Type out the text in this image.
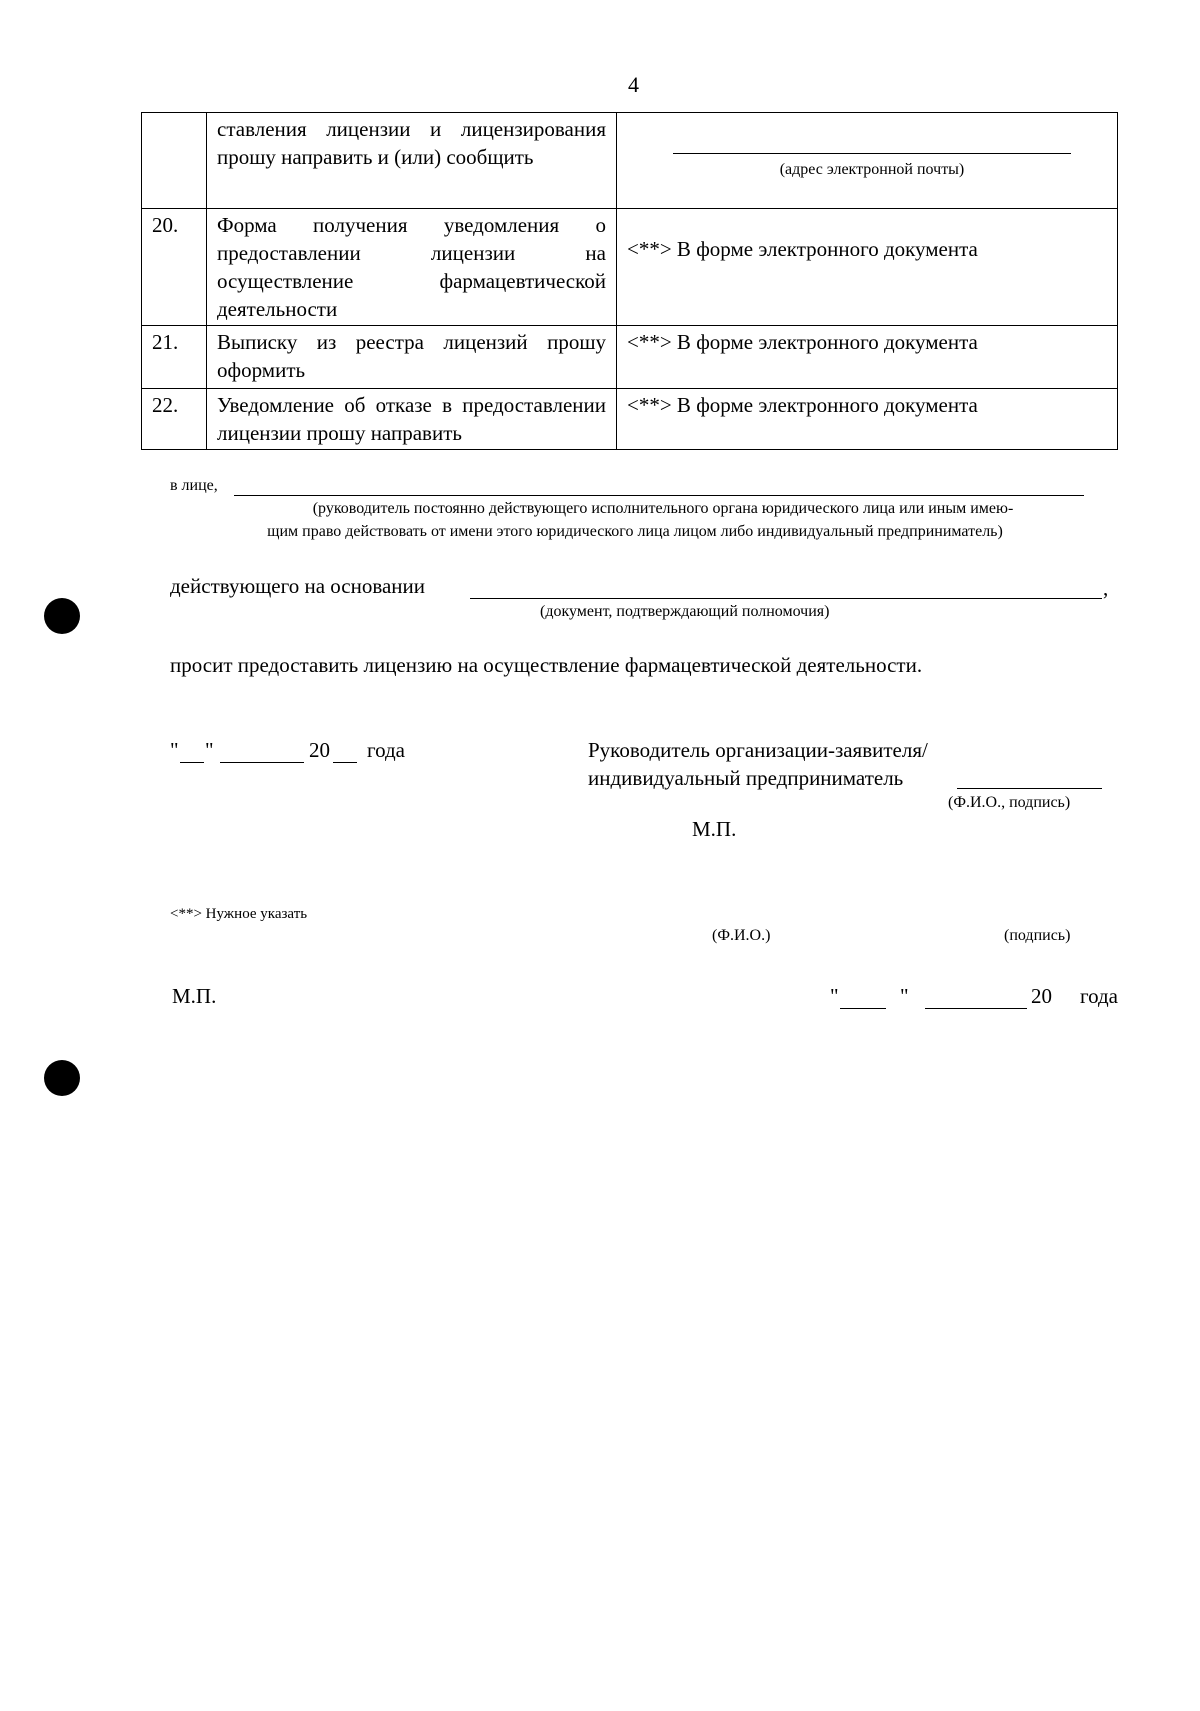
4
	ставления лицензии и лицензирования прошу направить и (или) сообщить	(адрес электронной почты)

20.	Форма получения уведомления о предоставлении лицензии на осуществление фармацевтической деятельности	<**> В форме электронного документа
21.	Выписку из реестра лицензий прошу оформить	<**> В форме электронного документа
22.	Уведомление об отказе в предоставлении лицензии прошу направить	<**> В форме электронного документа
в лице,
(руководитель постоянно действующего исполнительного органа юридического лица или иным имею-
щим право действовать от имени этого юридического лица лицом либо индивидуальный предприниматель)
действующего на основании	,
(документ, подтверждающий полномочия)
просит предоставить лицензию на осуществление фармацевтической деятельности.
" "	20 года	Руководитель организации-заявителя/
индивидуальный предприниматель
(Ф.И.О., подпись)
М.П.
<**> Нужное указать
(Ф.И.О.)	(подпись)
М.П.	"	"	20 года
